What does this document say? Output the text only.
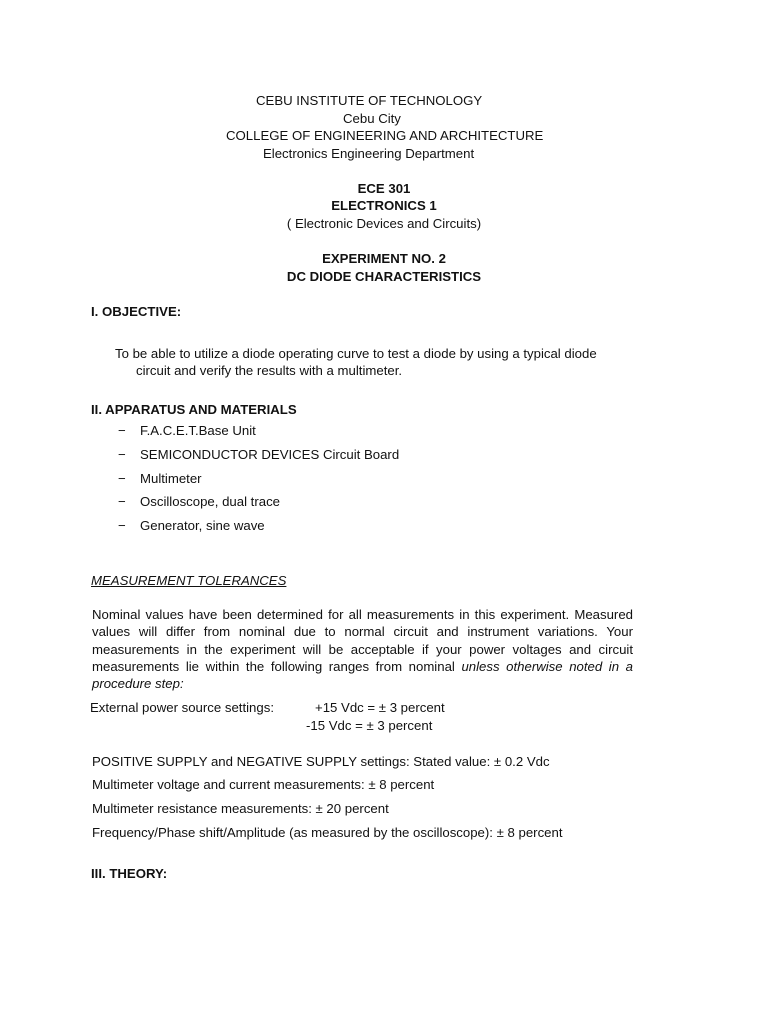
CEBU INSTITUTE OF TECHNOLOGY
Cebu City
COLLEGE OF ENGINEERING AND ARCHITECTURE
Electronics Engineering Department
ECE 301
ELECTRONICS 1
( Electronic Devices and Circuits)
EXPERIMENT NO. 2
DC DIODE CHARACTERISTICS
I. OBJECTIVE:
To be able to utilize a diode operating curve to test a diode by using a typical diode
circuit and verify the results with a multimeter.
II. APPARATUS AND MATERIALS
− F.A.C.E.T.Base Unit
− SEMICONDUCTOR DEVICES Circuit Board
− Multimeter
− Oscilloscope, dual trace
− Generator, sine wave
MEASUREMENT TOLERANCES
Nominal values have been determined for all measurements in this experiment. Measured values will differ from nominal due to normal circuit and instrument variations. Your measurements in the experiment will be acceptable if your power voltages and circuit measurements lie within the following ranges from nominal unless otherwise noted in a procedure step:
External power source settings:	+15 Vdc = ± 3 percent
-15 Vdc = ± 3 percent
POSITIVE SUPPLY and NEGATIVE SUPPLY settings: Stated value: ± 0.2 Vdc
Multimeter voltage and current measurements: ± 8 percent
Multimeter resistance measurements: ± 20 percent
Frequency/Phase shift/Amplitude (as measured by the oscilloscope): ± 8 percent
III. THEORY:
